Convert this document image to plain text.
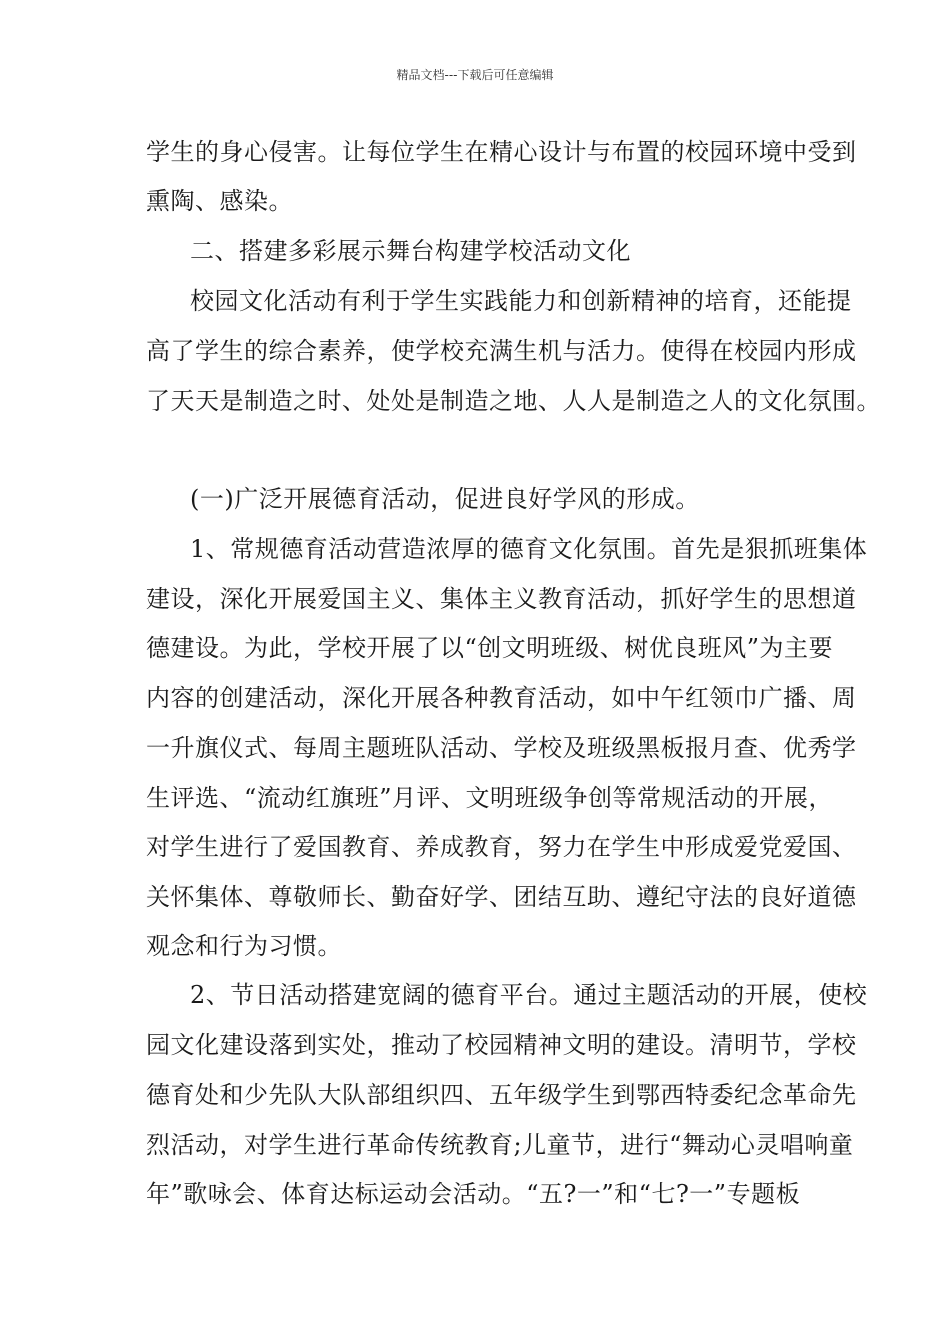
精品文档---下载后可任意编辑
学生的身心侵害。让每位学生在精心设计与布置的校园环境中受到
熏陶、感染。
二、搭建多彩展示舞台构建学校活动文化
校园文化活动有利于学生实践能力和创新精神的培育，还能提
高了学生的综合素养，使学校充满生机与活力。使得在校园内形成
了天天是制造之时、处处是制造之地、人人是制造之人的文化氛围。
(一)广泛开展德育活动，促进良好学风的形成。
1、常规德育活动营造浓厚的德育文化氛围。首先是狠抓班集体
建设，深化开展爱国主义、集体主义教育活动，抓好学生的思想道
德建设。为此，学校开展了以“创文明班级、树优良班风”为主要
内容的创建活动，深化开展各种教育活动，如中午红领巾广播、周
一升旗仪式、每周主题班队活动、学校及班级黑板报月查、优秀学
生评选、“流动红旗班”月评、文明班级争创等常规活动的开展，
对学生进行了爱国教育、养成教育，努力在学生中形成爱党爱国、
关怀集体、尊敬师长、勤奋好学、团结互助、遵纪守法的良好道德
观念和行为习惯。
2、节日活动搭建宽阔的德育平台。通过主题活动的开展，使校
园文化建设落到实处，推动了校园精神文明的建设。清明节，学校
德育处和少先队大队部组织四、五年级学生到鄂西特委纪念革命先
烈活动，对学生进行革命传统教育;儿童节，进行“舞动心灵唱响童
年”歌咏会、体育达标运动会活动。“五?一”和“七?一”专题板
